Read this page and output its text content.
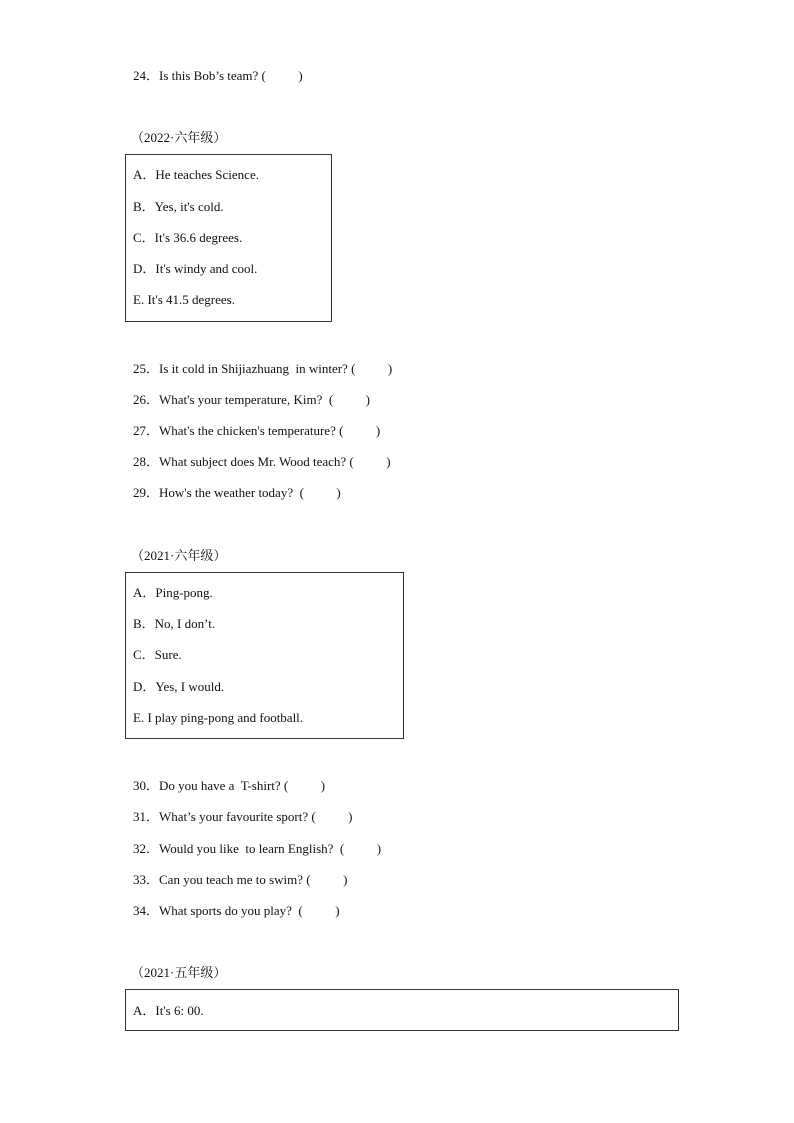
24．Is this Bob’s team? (          )
（2022·六年级）
A．He teaches Science.
B．Yes, it's cold.
C．It's 36.6 degrees.
D．It's windy and cool.
E. It's 41.5 degrees.
25．Is it cold in Shijiazhuang  in winter? (          )
26．What's your temperature, Kim?  (          )
27．What's the chicken's temperature? (          )
28．What subject does Mr. Wood teach? (          )
29．How's the weather today?  (          )
（2021·六年级）
A．Ping-pong.
B．No, I don’t.
C．Sure.
D．Yes, I would.
E. I play ping-pong and football.
30．Do you have a  T-shirt? (          )
31．What’s your favourite sport? (          )
32．Would you like  to learn English?  (          )
33．Can you teach me to swim? (          )
34．What sports do you play?  (          )
（2021·五年级）
A．It's 6: 00.
